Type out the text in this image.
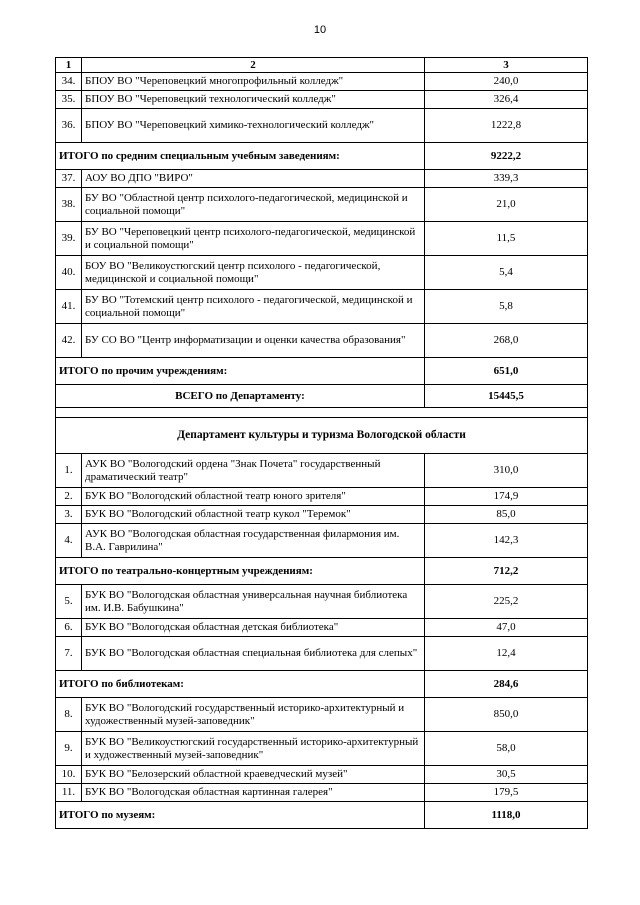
10
1	2	3
34.	БПОУ ВО "Череповецкий многопрофильный колледж"	240,0
35.	БПОУ ВО "Череповецкий технологический колледж"	326,4
36.	БПОУ ВО "Череповецкий химико-технологический колледж"	1222,8
ИТОГО по средним специальным учебным заведениям:		9222,2
37.	АОУ ВО ДПО "ВИРО"	339,3
38.	БУ ВО "Областной центр психолого-педагогической, медицинской и социальной помощи"	21,0
39.	БУ ВО "Череповецкий центр психолого-педагогической, медицинской и социальной помощи"	11,5
40.	БОУ ВО "Великоустюгский центр психолого - педагогической, медицинской и социальной помощи"	5,4
41.	БУ ВО "Тотемский центр психолого - педагогической, медицинской и социальной помощи"	5,8
42.	БУ СО ВО "Центр информатизации и оценки качества образования"	268,0
ИТОГО по прочим учреждениям:		651,0
ВСЕГО по Департаменту:		15445,5

Департамент культуры и туризма Вологодской области		
1.	АУК ВО "Вологодский ордена "Знак Почета" государственный драматический театр"	310,0
2.	БУК ВО "Вологодский областной театр юного зрителя"	174,9
3.	БУК ВО "Вологодский областной театр кукол "Теремок"	85,0
4.	АУК ВО "Вологодская областная государственная филармония им. В.А. Гаврилина"	142,3
ИТОГО по театрально-концертным учреждениям:		712,2
5.	БУК ВО "Вологодская областная универсальная научная библиотека им. И.В. Бабушкина"	225,2
6.	БУК ВО "Вологодская областная детская библиотека"	47,0
7.	БУК ВО "Вологодская областная специальная библиотека для слепых"	12,4
ИТОГО по библиотекам:		284,6
8.	БУК ВО "Вологодский государственный историко-архитектурный и художественный музей-заповедник"	850,0
9.	БУК ВО "Великоустюгский государственный историко-архитектурный и художественный музей-заповедник"	58,0
10.	БУК ВО "Белозерский областной краеведческий музей"	30,5
11.	БУК ВО "Вологодская областная картинная галерея"	179,5
ИТОГО по музеям:		1118,0
